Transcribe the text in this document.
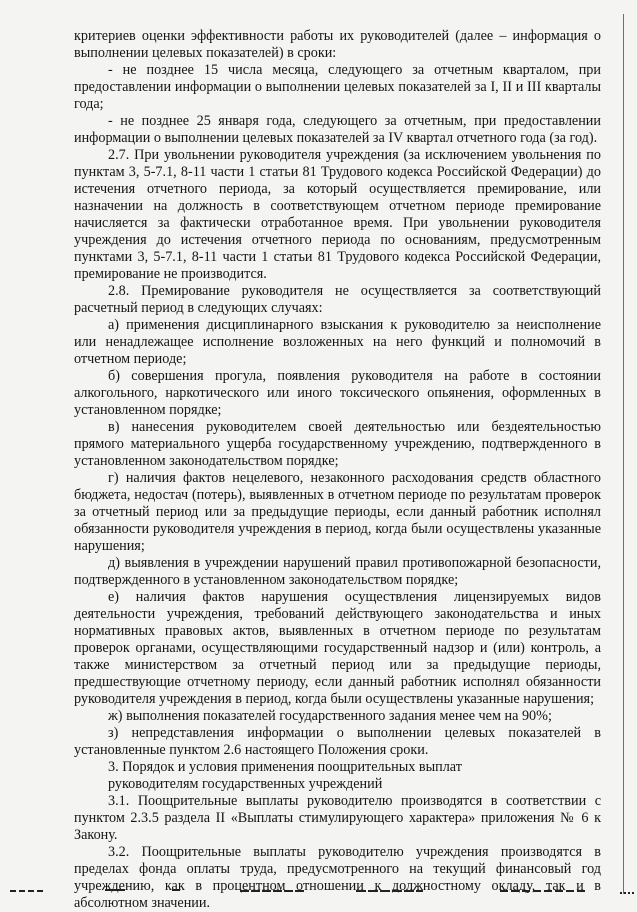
критериев оценки эффективности работы их руководителей (далее – информация о выполнении целевых показателей) в сроки:

- не позднее 15 числа месяца, следующего за отчетным кварталом, при предоставлении информации о выполнении целевых показателей за I, II и III кварталы года;

- не позднее 25 января года, следующего за отчетным, при предоставлении информации о выполнении целевых показателей за IV квартал отчетного года (за год).

2.7. При увольнении руководителя учреждения (за исключением увольнения по пунктам 3, 5-7.1, 8-11 части 1 статьи 81 Трудового кодекса Российской Федерации) до истечения отчетного периода, за который осуществляется премирование, или назначении на должность в соответствующем отчетном периоде премирование начисляется за фактически отработанное время. При увольнении руководителя учреждения до истечения отчетного периода по основаниям, предусмотренным пунктами 3, 5-7.1, 8-11 части 1 статьи 81 Трудового кодекса Российской Федерации, премирование не производится.

2.8. Премирование руководителя не осуществляется за соответствующий расчетный период в следующих случаях:

а) применения дисциплинарного взыскания к руководителю за неисполнение или ненадлежащее исполнение возложенных на него функций и полномочий в отчетном периоде;

б) совершения прогула, появления руководителя на работе в состоянии алкогольного, наркотического или иного токсического опьянения, оформленных в установленном порядке;

в) нанесения руководителем своей деятельностью или бездеятельностью прямого материального ущерба государственному учреждению, подтвержденного в установленном законодательством порядке;

г) наличия фактов нецелевого, незаконного расходования средств областного бюджета, недостач (потерь), выявленных в отчетном периоде по результатам проверок за отчетный период или за предыдущие периоды, если данный работник исполнял обязанности руководителя учреждения в период, когда были осуществлены указанные нарушения;

д) выявления в учреждении нарушений правил противопожарной безопасности, подтвержденного в установленном законодательством порядке;

е) наличия фактов нарушения осуществления лицензируемых видов деятельности учреждения, требований действующего законодательства и иных нормативных правовых актов, выявленных в отчетном периоде по результатам проверок органами, осуществляющими государственный надзор и (или) контроль, а также министерством за отчетный период или за предыдущие периоды, предшествующие отчетному периоду, если данный работник исполнял обязанности руководителя учреждения в период, когда были осуществлены указанные нарушения;

ж) выполнения показателей государственного задания менее чем на 90%;

з) непредставления информации о выполнении целевых показателей в установленные пунктом 2.6 настоящего Положения сроки.

3. Порядок и условия применения поощрительных выплат

руководителям государственных учреждений

3.1. Поощрительные выплаты руководителю производятся в соответствии с пунктом 2.3.5 раздела II «Выплаты стимулирующего характера» приложения № 6 к Закону.

3.2. Поощрительные выплаты руководителю учреждения производятся в пределах фонда оплаты труда, предусмотренного на текущий финансовый год учреждению, как в процентном отношении к должностному окладу, так и в абсолютном значении.
